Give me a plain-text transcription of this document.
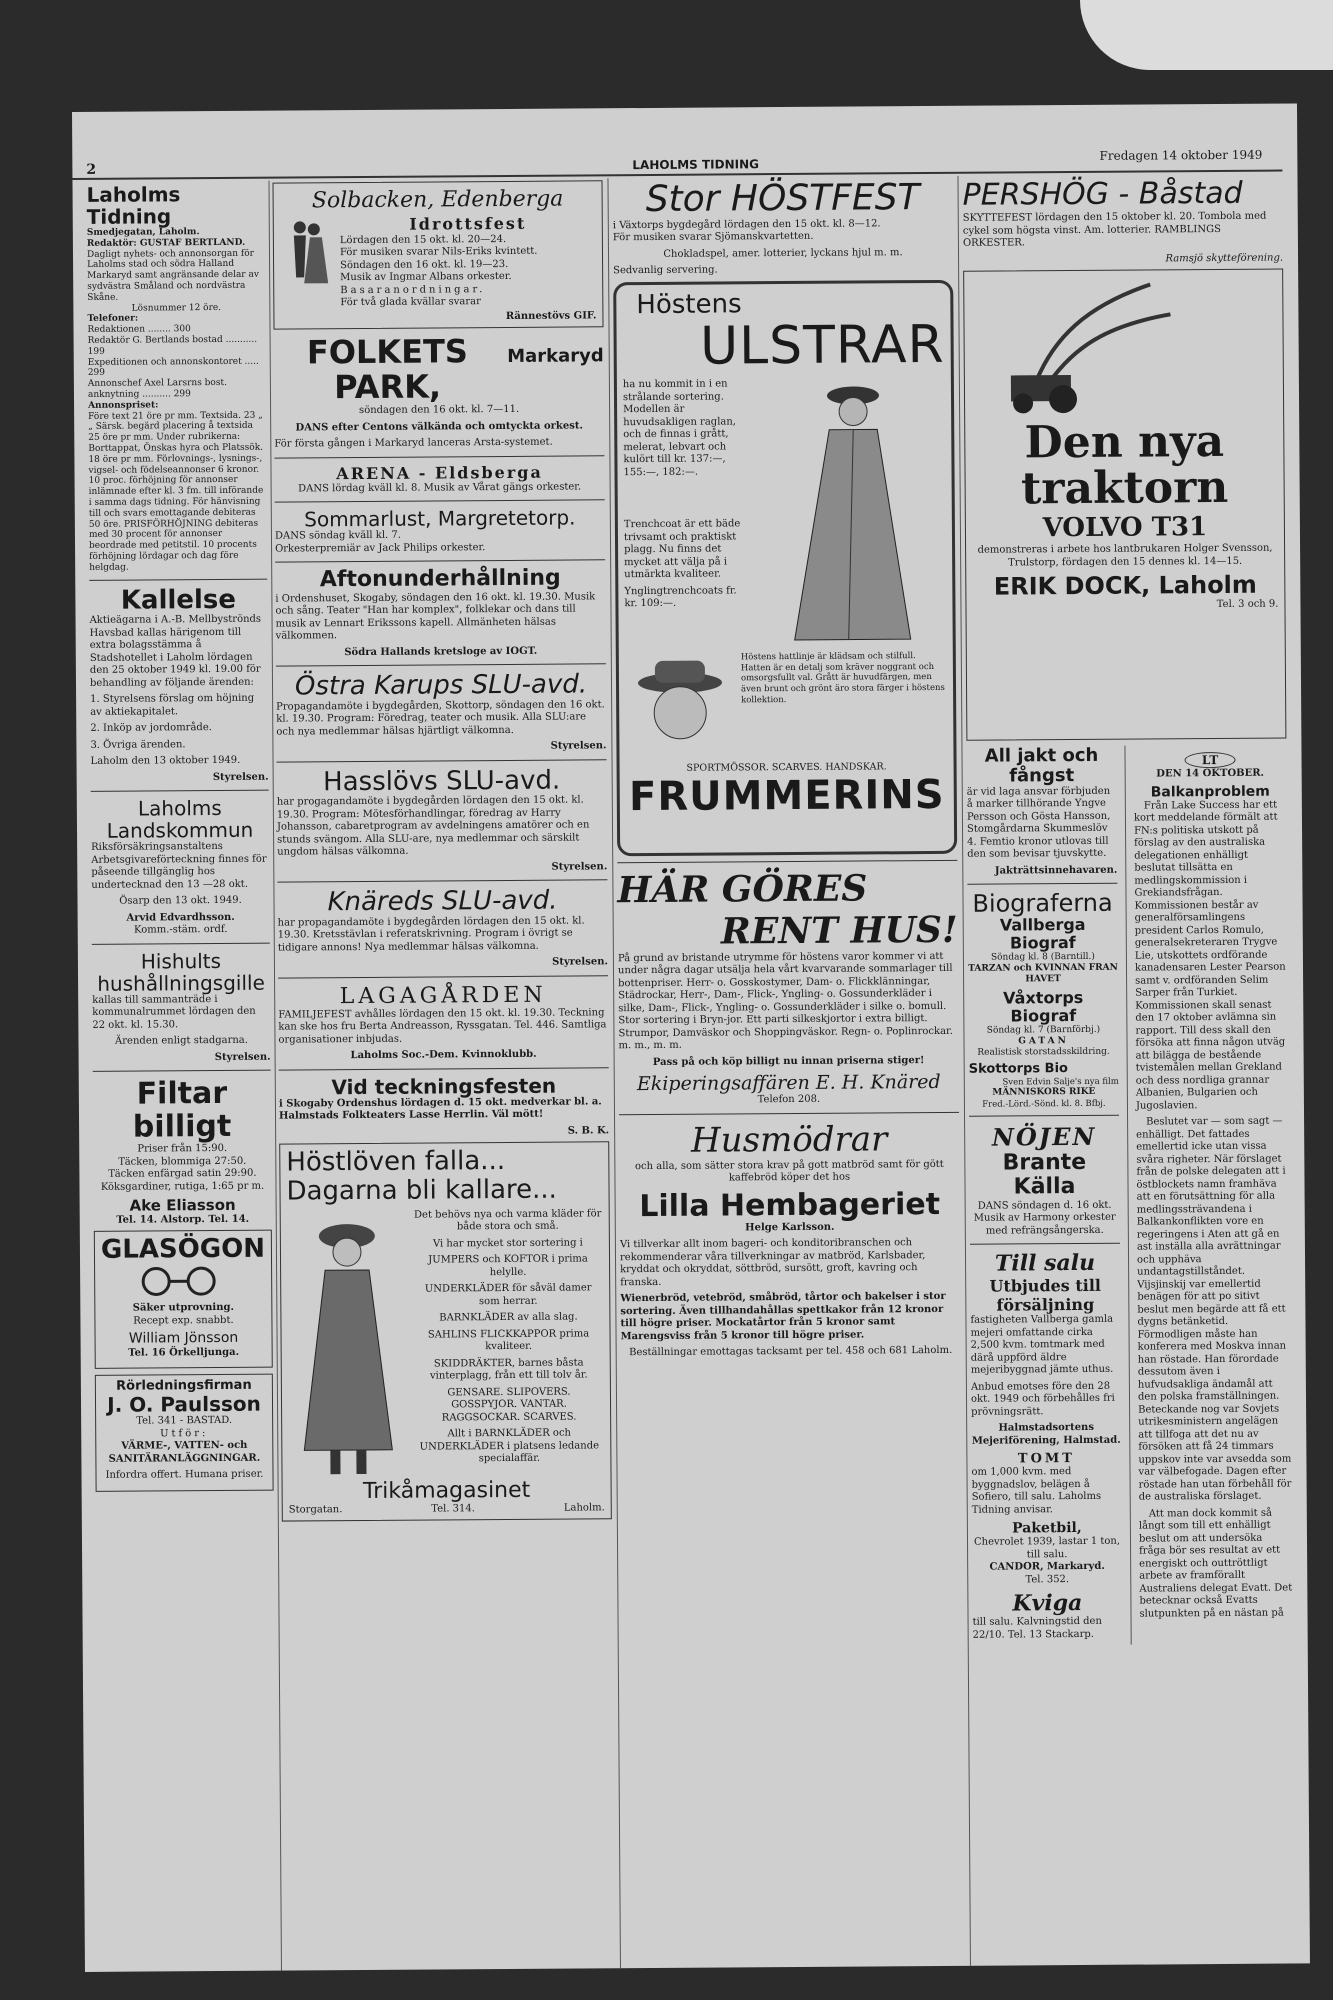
2	LAHOLMS TIDNING
Fredagen 14 oktober 1949
Laholms Tidning
Smedjegatan, Laholm.
Redaktör: GUSTAF BERTLAND.
Dagligt nyhets- och annonsorgan för Laholms stad och södra Halland Markaryd samt angränsande delar av sydvästra Småland och nordvästra Skåne.
Lösnummer 12 öre.
Telefoner:
Redaktionen ........ 300
Redaktör G. Bertlands bostad ........... 199
Expeditionen och annonskontoret ..... 299
Annonschef Axel Larsrns bost. anknytning .......... 299
Annonspriset:
Före text 21 öre pr mm. Textsida. 23 „ „ Särsk. begärd placering å textsida 25 öre pr mm. Under rubrikerna: Borttappat, Önskas hyra och Platssök. 18 öre pr mm. Förlovnings-, lysnings-, vigsel- och födelseannonser 6 kronor. 10 proc. förhöjning för annonser inlämnade efter kl. 3 fm. till införande i samma dags tidning. För hänvisning till och svars emottagande debiteras 50 öre. PRISFÖRHÖJNING debiteras med 30 procent för annonser beordrade med petitstil. 10 procents förhöjning lördagar och dag före helgdag.
Kallelse

Aktieägarna i A.-B. Mellbyströnds Havsbad kallas härigenom till extra bolagsstämma å Stadshotellet i Laholm lördagen den 25 oktober 1949 kl. 19.00 för behandling av följande ärenden:

1. Styrelsens förslag om höjning av aktiekapitalet.

2. Inköp av jordområde.

3. Övriga ärenden.

Laholm den 13 oktober 1949.

Styrelsen.

Laholms
Landskommun

Riksförsäkringsanstaltens Arbetsgivareförteckning finnes för påseende tillgänglig hos undertecknad den 13 —28 okt.

Ösarp den 13 okt. 1949.

Arvid Edvardhsson.

Komm.-stäm. ordf.

Hishults
hushållningsgille

kallas till sammanträde i kommunalrummet lördagen den 22 okt. kl. 15.30.

Ärenden enligt stadgarna.

Styrelsen.

Filtar billigt

Priser från 15:90.

Täcken, blommiga 27:50.

Täcken enfärgad satin 29:90.

Köksgardiner, rutiga, 1:65 pr m.

Ake Eliasson

Tel. 14. Alstorp. Tel. 14.

GLASÖGON

Säker utprovning.

Recept exp. snabbt.

William Jönsson

Tel. 16 Örkelljunga.

Rörledningsfirman
J. O. Paulsson

Tel. 341 - BASTAD.

Utför:

VÄRME-, VATTEN- och SANITÄRANLÄGGNINGAR.

Infordra offert. Humana priser.

Solbacken, Edenberga
Idrottsfest

Lördagen den 15 okt. kl. 20—24.

För musiken svarar Nils-Eriks kvintett.

Söndagen den 16 okt. kl. 19—23.

Musik av Ingmar Albans orkester.

Basaranordningar.

För två glada kvällar svarar

Rännestövs GIF.

FOLKETS PARK,
Markaryd

söndagen den 16 okt. kl. 7—11.

DANS efter Centons välkända och omtyckta orkest.

För första gången i Markaryd lanceras Arsta-systemet.

ARENA - Eldsberga

DANS lördag kväll kl. 8. Musik av Vårat gängs orkester.

Sommarlust, Margretetorp.

DANS söndag kväll kl. 7.

Orkesterpremiär av Jack Philips orkester.

Aftonunderhållning

i Ordenshuset, Skogaby, söndagen den 16 okt. kl. 19.30. Musik och sång. Teater "Han har komplex", folklekar och dans till musik av Lennart Erikssons kapell. Allmänheten hälsas välkommen.

Södra Hallands kretsloge av IOGT.

Östra Karups SLU-avd.

Propagandamöte i bygdegården, Skottorp, söndagen den 16 okt. kl. 19.30. Program: Föredrag, teater och musik. Alla SLU:are och nya medlemmar hälsas hjärtligt välkomna.

Styrelsen.

Hasslövs SLU-avd.

har progagandamöte i bygdegården lördagen den 15 okt. kl. 19.30. Program: Mötesförhandlingar, föredrag av Harry Johansson, cabaretprogram av avdelningens amatörer och en stunds svängom. Alla SLU-are, nya medlemmar och särskilt ungdom hälsas välkomna.

Styrelsen.

Knäreds SLU-avd.

har propagandamöte i bygdegården lördagen den 15 okt. kl. 19.30. Kretsstävlan i referatskrivning. Program i övrigt se tidigare annons! Nya medlemmar hälsas välkomna.

Styrelsen.

LAGAGÅRDEN

FAMILJEFEST avhålles lördagen den 15 okt. kl. 19.30. Teckning kan ske hos fru Berta Andreasson, Ryssgatan. Tel. 446. Samtliga organisationer inbjudas.

Laholms Soc.-Dem. Kvinnoklubb.

Vid teckningsfesten

i Skogaby Ordenshus lördagen d. 15 okt. medverkar bl. a. Halmstads Folkteaters Lasse Herrlin. Väl mött!

S. B. K.

Höstlöven falla...
Dagarna bli kallare...

Det behövs nya och varma kläder för både stora och små.

Vi har mycket stor sortering i

JUMPERS och KOFTOR i prima helylle.

UNDERKLÄDER för såväl damer som herrar.

BARNKLÄDER av alla slag.

SAHLINS FLICKKAPPOR prima kvaliteer.

SKIDDRÄKTER, barnes båsta vinterplagg, från ett till tolv år.

GENSARE. SLIPOVERS. GOSSPYJOR. VANTAR. RAGGSOCKAR. SCARVES.

Allt i BARNKLÄDER och UNDERKLÄDER i platsens ledande specialaffär.

Trikåmagasinet
Storgatan.	Tel. 314.	Laholm.
Stor HÖSTFEST

i Växtorps bygdegård lördagen den 15 okt. kl. 8—12.

För musiken svarar Sjömanskvartetten.

Chokladspel, amer. lotterier, lyckans hjul m. m.

Sedvanlig servering.

Höstens
ULSTRAR

ha nu kommit in i en strålande sortering. Modellen är huvudsakligen raglan, och de finnas i grått, melerat, lebvart och kulört till kr. 137:—, 155:—, 182:—.

Trenchcoat är ett bäde trivsamt och praktiskt plagg. Nu finns det mycket att välja på i utmärkta kvaliteer.

Ynglingtrenchcoats fr. kr. 109:—.

Höstens hattlinje är klädsam och stilfull. Hatten är en detalj som kräver noggrant och omsorgsfullt val. Grått är huvudfärgen, men även brunt och grönt äro stora färger i höstens kollektion.

SPORTMÖSSOR. SCARVES. HANDSKAR.
FRUMMERINS
HÄR GÖRES
RENT HUS!

På grund av bristande utrymme för höstens varor kommer vi att under några dagar utsälja hela vårt kvarvarande sommarlager till bottenpriser. Herr- o. Gosskostymer, Dam- o. Flickklänningar, Städrockar, Herr-, Dam-, Flick-, Yngling- o. Gossunderkläder i silke, Dam-, Flick-, Yngling- o. Gossunderkläder i silke o. bomull. Stor sortering i Bryn-jor. Ett parti silkeskjortor i extra billigt. Strumpor, Damväskor och Shoppingväskor. Regn- o. Poplinrockar. m. m., m. m.

Pass på och köp billigt nu innan priserna stiger!

Ekiperingsaffären E. H. Knäred

Telefon 208.

Husmödrar

och alla, som sätter stora krav på gott matbröd samt för gött kaffebröd köper det hos

Lilla Hembageriet

Helge Karlsson.

Vi tillverkar allt inom bageri- och konditoribranschen och rekommenderar våra tillverkningar av matbröd, Karlsbader, kryddat och okryddat, söttbröd, sursött, groft, kavring och franska.

Wienerbröd, vetebröd, småbröd, tårtor och bakelser i stor sortering. Även tillhandahållas spettkakor från 12 kronor till högre priser. Mockatårtor från 5 kronor samt Marengsviss från 5 kronor till högre priser.

Beställningar emottagas tacksamt per tel. 458 och 681 Laholm.

PERSHÖG - Båstad

SKYTTEFEST lördagen den 15 oktober kl. 20. Tombola med cykel som högsta vinst. Am. lotterier. RAMBLINGS ORKESTER.

Ramsjö skytteförening.

Den nya
traktorn
VOLVO T31

demonstreras i arbete hos lantbrukaren Holger Svensson, Trulstorp, fördagen den 15 dennes kl. 14—15.

ERIK DOCK, Laholm

Tel. 3 och 9.

All jakt och fångst

är vid laga ansvar förbjuden å marker tillhörande Yngve Persson och Gösta Hansson, Stomgårdarna Skummeslöv 4. Femtio kronor utlovas till den som bevisar tjuvskytte.

Jakträttsinnehavaren.

Biograferna
Vallberga Biograf

Söndag kl. 8 (Barntill.)

TARZAN och KVINNAN FRAN HAVET

Våxtorps Biograf

Söndag kl. 7 (Barnförbj.)

GATAN

Realistisk storstadsskildring.

Skottorps Bio

Sven Edvin Salje's nya film

MÄNNISKORS RIKE

Fred.-Lörd.-Sönd. kl. 8. Bfbj.

NÖJEN
Brante Källa

DANS söndagen d. 16 okt. Musik av Harmony orkester med refrängsångerska.

Till salu
Utbjudes till försäljning

fastigheten Vallberga gamla mejeri omfattande cirka 2,500 kvm. tomtmark med därå uppförd äldre mejeribyggnad jämte uthus.

Anbud emotses före den 28 okt. 1949 och förbehålles fri prövningsrätt.

Halmstadsortens Mejeriförening, Halmstad.

TOMT

om 1,000 kvm. med byggnadslov, belägen å Sofiero, till salu. Laholms Tidning anvisar.

Paketbil,

Chevrolet 1939, lastar 1 ton, till salu.

CANDOR, Markaryd.

Tel. 352.

Kviga

till salu. Kalvningstid den 22/10. Tel. 13 Stackarp.

LT

DEN 14 OKTOBER.

Balkanproblem

Från Lake Success har ett kort meddelande förmält att FN:s politiska utskott på förslag av den australiska delegationen enhälligt beslutat tillsätta en medlingskommission i Grekiandsfrågan. Kommissionen består av generalförsamlingens president Carlos Romulo, generalsekreteraren Trygve Lie, utskottets ordförande kanadensaren Lester Pearson samt v. ordföranden Selim Sarper från Turkiet. Kommissionen skall senast den 17 oktober avlämna sin rapport. Till dess skall den försöka att finna någon utväg att bilägga de bestående tvistemålen mellan Grekland och dess nordliga grannar Albanien, Bulgarien och Jugoslavien.

Beslutet var — som sagt — enhälligt. Det fattades emellertid icke utan vissa svåra righeter. När förslaget från de polske delegaten att i östblockets namn framhäva att en förutsättning för alla medlingssträvandena i Balkankonflikten vore en regeringens i Aten att gå en ast inställa alla avrättningar och upphäva undantagstillståndet. Vijsjinskij var emellertid benägen för att po sitivt beslut men begärde att få ett dygns betänketid. Förmodligen måste han konferera med Moskva innan han röstade. Han förordade dessutom även i hufvudsakliga ändamål att den polska framställningen. Beteckande nog var Sovjets utrikesministern angelägen att tillfoga att det nu av försöken att få 24 timmars uppskov inte var avsedda som var välbefogade. Dagen efter röstade han utan förbehåll för de australiska förslaget.

Att man dock kommit så långt som till ett enhälligt beslut om att undersöka fråga bör ses resultat av ett energiskt och outtröttligt arbete av framförallt Australiens delegat Evatt. Det betecknar också Evatts slutpunkten på en nästan på
